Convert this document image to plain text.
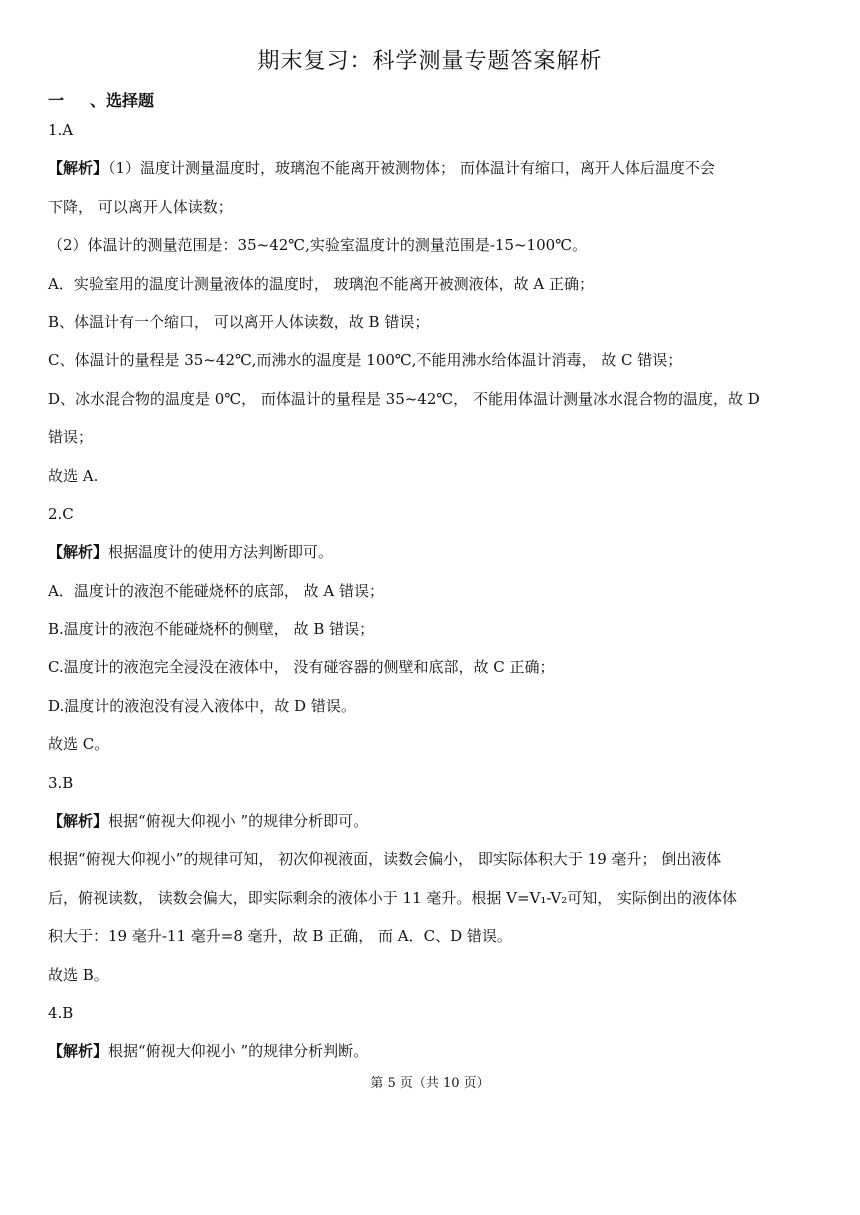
期末复习：科学测量专题答案解析
一 、选择题
1.A
【解析】（1）温度计测量温度时，玻璃泡不能离开被测物体； 而体温计有缩口，离开人体后温度不会
下降， 可以离开人体读数；
（2）体温计的测量范围是：35~42℃,实验室温度计的测量范围是-15~100℃。
A．实验室用的温度计测量液体的温度时， 玻璃泡不能离开被测液体，故 A 正确；
B、体温计有一个缩口， 可以离开人体读数，故 B 错误；
C、体温计的量程是 35~42℃,而沸水的温度是 100℃,不能用沸水给体温计消毒， 故 C 错误；
D、冰水混合物的温度是 0℃， 而体温计的量程是 35~42℃， 不能用体温计测量冰水混合物的温度，故 D
错误；
故选 A.
2.C
【解析】根据温度计的使用方法判断即可。
A．温度计的液泡不能碰烧杯的底部， 故 A 错误；
B.温度计的液泡不能碰烧杯的侧壁， 故 B 错误；
C.温度计的液泡完全浸没在液体中， 没有碰容器的侧壁和底部，故 C 正确；
D.温度计的液泡没有浸入液体中，故 D 错误。
故选 C。
3.B
【解析】根据“俯视大仰视小 ”的规律分析即可。
根据“俯视大仰视小”的规律可知， 初次仰视液面，读数会偏小， 即实际体积大于 19 毫升； 倒出液体
后，俯视读数， 读数会偏大，即实际剩余的液体小于 11 毫升。根据 V=V₁-V₂可知， 实际倒出的液体体
积大于：19 毫升-11 毫升=8 毫升，故 B 正确， 而 A．C、D 错误。
故选 B。
4.B
【解析】根据“俯视大仰视小 ”的规律分析判断。
第 5 页（共 10 页）
